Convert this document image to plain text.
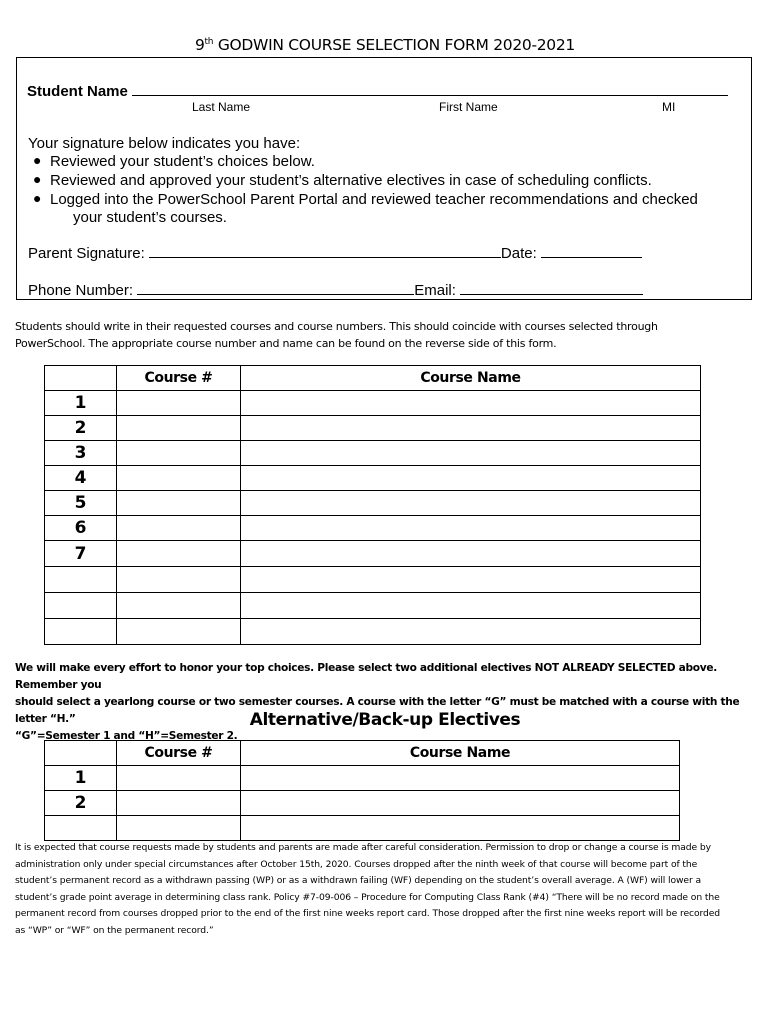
9th GODWIN COURSE SELECTION FORM 2020-2021
Student Name
Last Name	First Name	MI
Your signature below indicates you have:
● Reviewed your student’s choices below.
● Reviewed and approved your student’s alternative electives in case of scheduling conflicts.
● Logged into the PowerSchool Parent Portal and reviewed teacher recommendations and checked
your student’s courses.
Parent Signature:	Date:
Phone Number:	Email:
Students should write in their requested courses and course numbers. This should coincide with courses selected through
PowerSchool. The appropriate course number and name can be found on the reverse side of this form.
	Course #	Course Name
1		
2		
3		
4		
5		
6		
7		

We will make every effort to honor your top choices. Please select two additional electives NOT ALREADY SELECTED above. Remember you
should select a yearlong course or two semester courses. A course with the letter “G” must be matched with a course with the letter “H.”
“G”=Semester 1 and “H”=Semester 2.
Alternative/Back-up Electives
	Course #	Course Name
1		
2		

It is expected that course requests made by students and parents are made after careful consideration. Permission to drop or change a course is made by
administration only under special circumstances after October 15th, 2020. Courses dropped after the ninth week of that course will become part of the
student’s permanent record as a withdrawn passing (WP) or as a withdrawn failing (WF) depending on the student’s overall average. A (WF) will lower a
student’s grade point average in determining class rank. Policy #7-09-006 – Procedure for Computing Class Rank (#4) “There will be no record made on the
permanent record from courses dropped prior to the end of the first nine weeks report card. Those dropped after the first nine weeks report will be recorded
as “WP” or “WF” on the permanent record.”
